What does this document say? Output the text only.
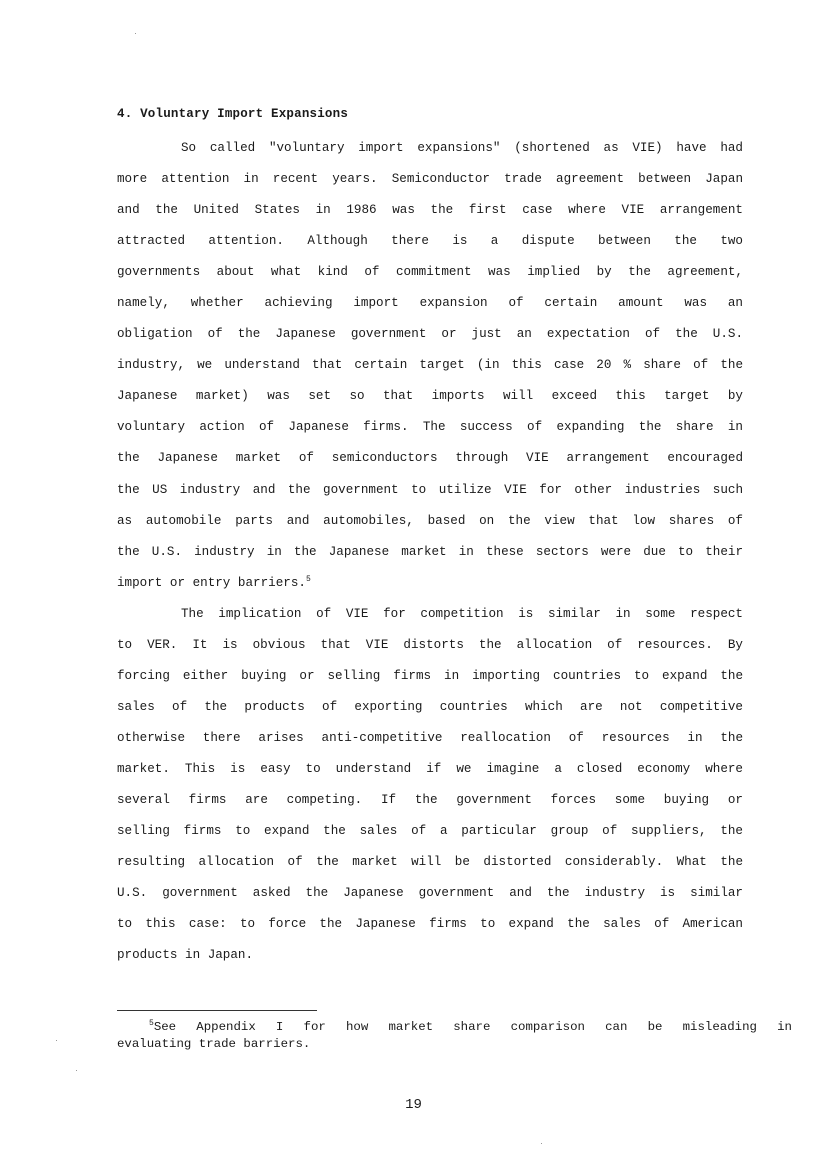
4. Voluntary Import Expansions
So called "voluntary import expansions" (shortened as VIE) have had
more attention in recent years. Semiconductor trade agreement between Japan
and the United States in 1986 was the first case where VIE arrangement
attracted attention. Although there is a dispute between the two
governments about what kind of commitment was implied by the agreement,
namely, whether achieving import expansion of certain amount was an
obligation of the Japanese government or just an expectation of the U.S.
industry, we understand that certain target (in this case 20 % share of the
Japanese market) was set so that imports will exceed this target by
voluntary action of Japanese firms. The success of expanding the share in
the Japanese market of semiconductors through VIE arrangement encouraged
the US industry and the government to utilize VIE for other industries such
as automobile parts and automobiles, based on the view that low shares of
the U.S. industry in the Japanese market in these sectors were due to their
import or entry barriers.$^5$
The implication of VIE for competition is similar in some respect
to VER. It is obvious that VIE distorts the allocation of resources. By
forcing either buying or selling firms in importing countries to expand the
sales of the products of exporting countries which are not competitive
otherwise there arises anti-competitive reallocation of resources in the
market. This is easy to understand if we imagine a closed economy where
several firms are competing. If the government forces some buying or
selling firms to expand the sales of a particular group of suppliers, the
resulting allocation of the market will be distorted considerably. What the
U.S. government asked the Japanese government and the industry is similar
to this case: to force the Japanese firms to expand the sales of American
products in Japan.
$^5$See Appendix I for how market share comparison can be misleading in
evaluating trade barriers.
19
